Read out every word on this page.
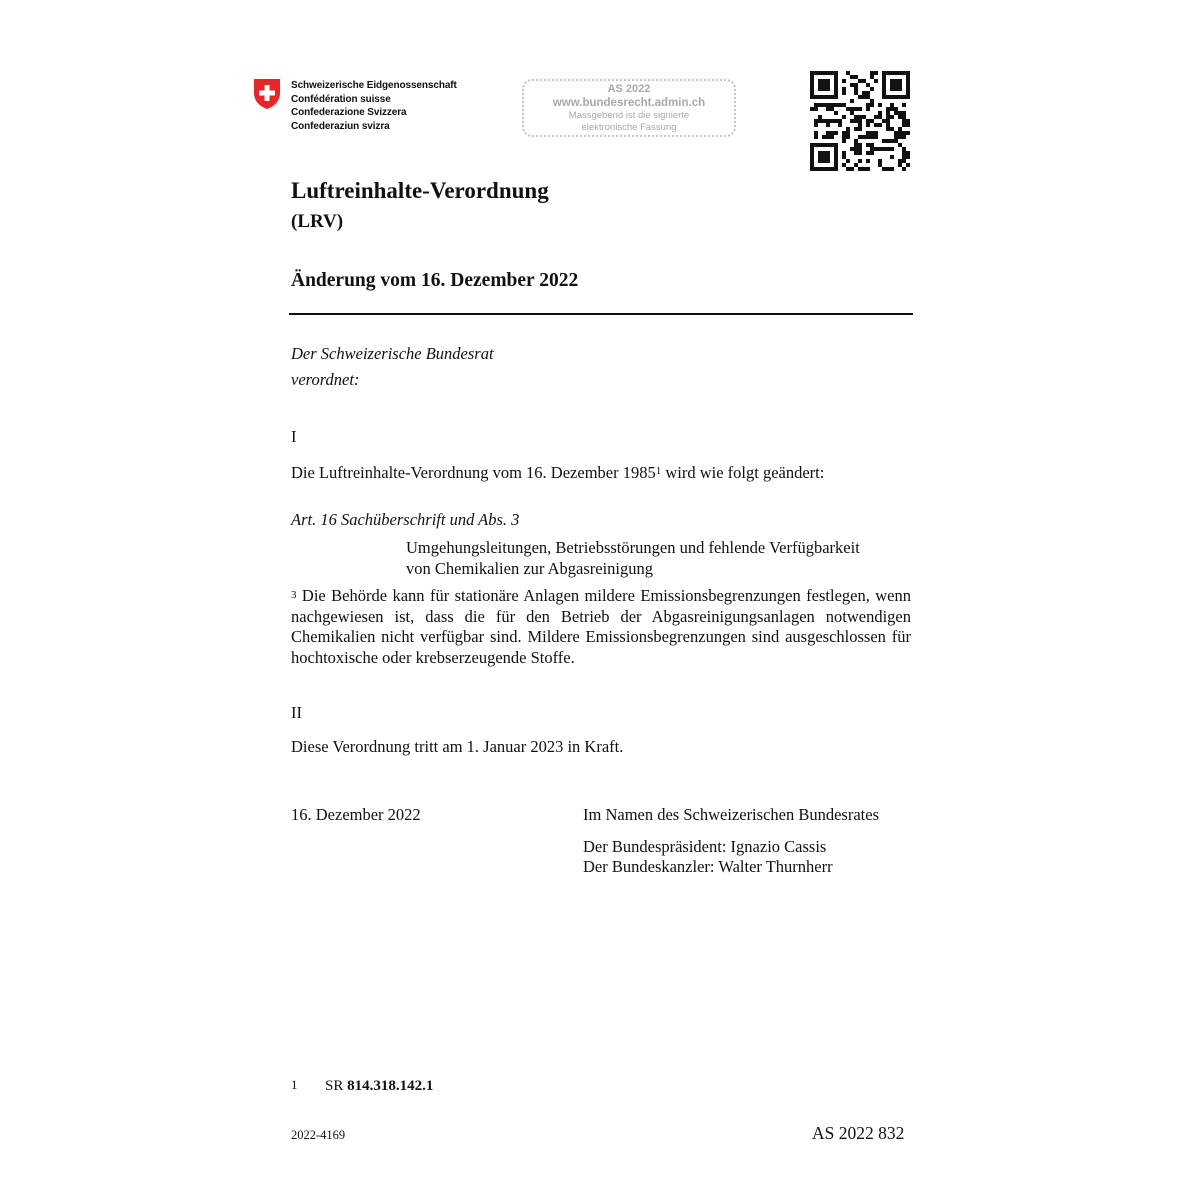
Schweizerische Eidgenossenschaft
Confédération suisse
Confederazione Svizzera
Confederaziun svizra
AS 2022
www.bundesrecht.admin.ch
Massgebend ist die signierte
elektronische Fassung
Luftreinhalte-Verordnung
(LRV)
Änderung vom 16. Dezember 2022
Der Schweizerische Bundesrat
verordnet:
I
Die Luftreinhalte-Verordnung vom 16. Dezember 1985$^1$ wird wie folgt geändert:
Art. 16 Sachüberschrift und Abs. 3
Umgehungsleitungen, Betriebsstörungen und fehlende Verfügbarkeit
von Chemikalien zur Abgasreinigung
$^3$ Die Behörde kann für stationäre Anlagen mildere Emissionsbegrenzungen festlegen, wenn nachgewiesen ist, dass die für den Betrieb der Abgasreinigungsanlagen notwendigen Chemikalien nicht verfügbar sind. Mildere Emissionsbegrenzungen sind ausgeschlossen für hochtoxische oder krebserzeugende Stoffe.
II
Diese Verordnung tritt am 1. Januar 2023 in Kraft.
16. Dezember 2022	Im Namen des Schweizerischen Bundesrates
Der Bundespräsident: Ignazio Cassis
Der Bundeskanzler: Walter Thurnherr
1 SR 814.318.142.1
2022-4169	AS 2022 832
